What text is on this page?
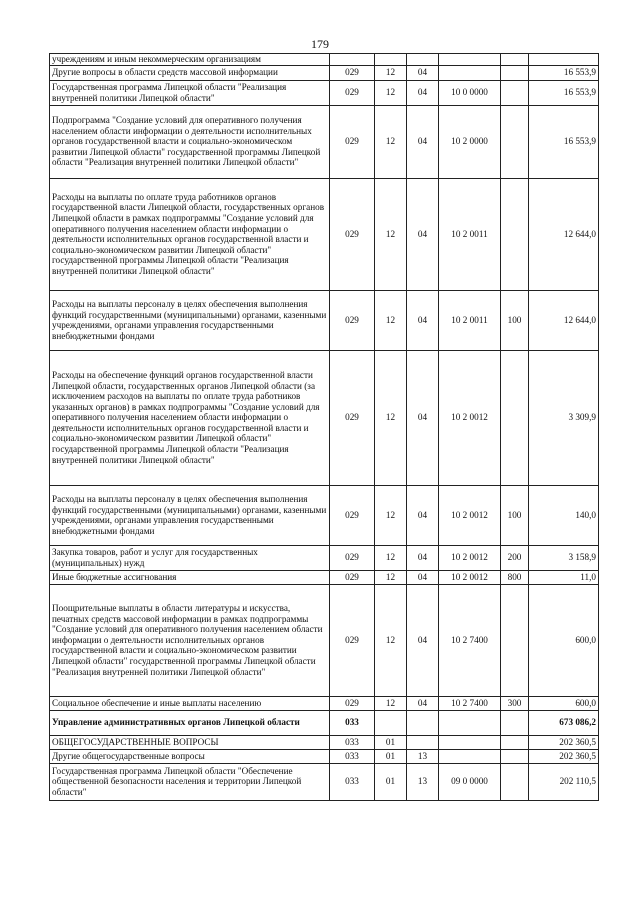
179
учреждениям и иным некоммерческим организациям						
Другие вопросы в области средств массовой информации	029	12	04			16 553,9
Государственная программа Липецкой области "Реализация внутренней политики Липецкой области"	029	12	04	10 0 0000		16 553,9
Подпрограмма "Создание условий для оперативного получения населением области информации о деятельности исполнительных органов государственной власти и социально-экономическом развитии Липецкой области" государственной программы Липецкой области "Реализация внутренней политики Липецкой области"	029	12	04	10 2 0000		16 553,9
Расходы на выплаты по оплате труда работников органов государственной власти Липецкой области, государственных органов Липецкой области в рамках подпрограммы "Создание условий для оперативного получения населением области информации о деятельности исполнительных органов государственной власти и социально-экономическом развитии Липецкой области" государственной программы Липецкой области "Реализация внутренней политики Липецкой области"	029	12	04	10 2 0011		12 644,0
Расходы на выплаты персоналу в целях обеспечения выполнения функций государственными (муниципальными) органами, казенными учреждениями, органами управления государственными внебюджетными фондами	029	12	04	10 2 0011	100	12 644,0
Расходы на обеспечение функций органов государственной власти Липецкой области, государственных органов Липецкой области (за исключением расходов на выплаты по оплате труда работников указанных органов) в рамках подпрограммы "Создание условий для оперативного получения населением области информации о деятельности исполнительных органов государственной власти и социально-экономическом развитии Липецкой области" государственной программы Липецкой области "Реализация внутренней политики Липецкой области"	029	12	04	10 2 0012		3 309,9
Расходы на выплаты персоналу в целях обеспечения выполнения функций государственными (муниципальными) органами, казенными учреждениями, органами управления государственными внебюджетными фондами	029	12	04	10 2 0012	100	140,0
Закупка товаров, работ и услуг для государственных (муниципальных) нужд	029	12	04	10 2 0012	200	3 158,9
Иные бюджетные ассигнования	029	12	04	10 2 0012	800	11,0
Поощрительные выплаты в области литературы и искусства, печатных средств массовой информации в рамках подпрограммы "Создание условий для оперативного получения населением области информации о деятельности исполнительных органов государственной власти и социально-экономическом развитии Липецкой области" государственной программы Липецкой области "Реализация внутренней политики Липецкой области"	029	12	04	10 2 7400		600,0
Социальное обеспечение и иные выплаты населению	029	12	04	10 2 7400	300	600,0
Управление административных органов Липецкой области	033					673 086,2
ОБЩЕГОСУДАРСТВЕННЫЕ ВОПРОСЫ	033	01				202 360,5
Другие общегосударственные вопросы	033	01	13			202 360,5
Государственная программа Липецкой области "Обеспечение общественной безопасности населения и территории Липецкой области"	033	01	13	09 0 0000		202 110,5
